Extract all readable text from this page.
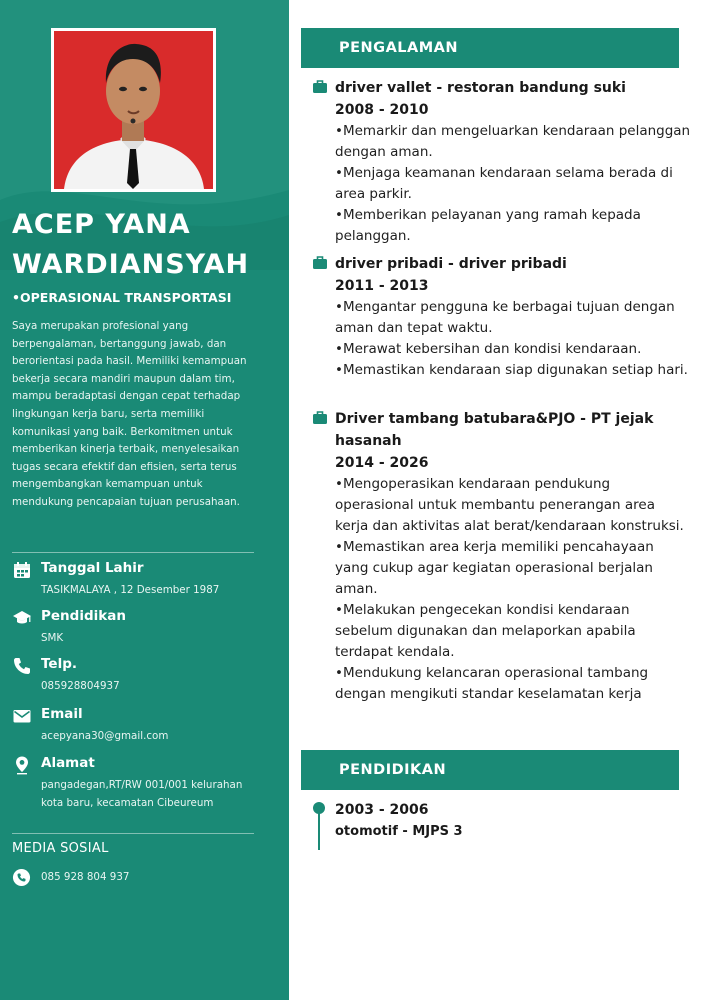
ACEP YANA
WARDIANSYAH
•OPERASIONAL TRANSPORTASI
Saya merupakan profesional yang berpengalaman, bertanggung jawab, dan berorientasi pada hasil. Memiliki kemampuan bekerja secara mandiri maupun dalam tim, mampu beradaptasi dengan cepat terhadap lingkungan kerja baru, serta memiliki komunikasi yang baik. Berkomitmen untuk memberikan kinerja terbaik, menyelesaikan tugas secara efektif dan efisien, serta terus mengembangkan kemampuan untuk mendukung pencapaian tujuan perusahaan.
Tanggal Lahir
TASIKMALAYA , 12 Desember 1987
Pendidikan
SMK
Telp.
085928804937
Email
acepyana30@gmail.com
Alamat
pangadegan,RT/RW 001/001 kelurahan kota baru, kecamatan Cibeureum
MEDIA SOSIAL
085 928 804 937
PENGALAMAN
driver vallet - restoran bandung suki
2008 - 2010
•Memarkir dan mengeluarkan kendaraan pelanggan dengan aman.
•Menjaga keamanan kendaraan selama berada di area parkir.
•Memberikan pelayanan yang ramah kepada pelanggan.
driver pribadi - driver pribadi
2011 - 2013
•Mengantar pengguna ke berbagai tujuan dengan aman dan tepat waktu.
•Merawat kebersihan dan kondisi kendaraan.
•Memastikan kendaraan siap digunakan setiap hari.
Driver tambang batubara&PJO - PT jejak hasanah
2014 - 2026
•Mengoperasikan kendaraan pendukung operasional untuk membantu penerangan area kerja dan aktivitas alat berat/kendaraan konstruksi.
•Memastikan area kerja memiliki pencahayaan yang cukup agar kegiatan operasional berjalan aman.
•Melakukan pengecekan kondisi kendaraan sebelum digunakan dan melaporkan apabila terdapat kendala.
•Mendukung kelancaran operasional tambang dengan mengikuti standar keselamatan kerja
PENDIDIKAN
2003 - 2006
otomotif - MJPS 3
